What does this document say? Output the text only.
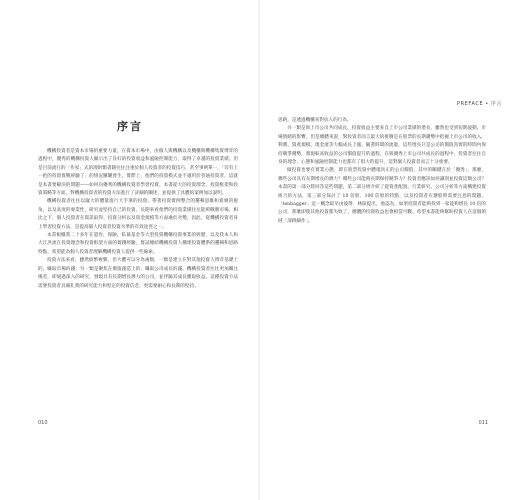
序言

機構投資者是資本市場的重要力量，在資本市場中，由個人與機構以及機構與機構集資博弈的過程中，優秀的機構投資人顯示出了良好的投資收益和風險控制能力，取得了卓越的投資業績。但是目前流行的「作家」式的理財類書籍往往注重於個人投資者的投資技巧，甚至事例單一，「沒有上一把的投資實戰經驗了」的情況屢屢發生。實際上，他們的投資模式並不適用於普通投資者，這就是本書要解決的問題——如何向優秀的機構投資者學習投資。本書從大的投資理念、投資框架和投資策略等方面，對機構投資者的投資方法進行了詳細的闡述，並提供了具體的案例加以說明。

機構投資者往往以龐大的體量進行大手筆的投資，帶著投資實例整合的邏輯思維和寬廣的視角，以及高度的專業性，研究並堅持自己的投資，長期來看他們的投資業績往往能夠戰勝市場。相比之下，個人投資者在資訊取得、投資分析以及資金規模等方面處於劣勢，因此，從機構投資者身上學習投資方法，是提高個人投資者投資水準的有效途徑之一。

本書根據我二十多年在證券、保險、私募基金等大型投資機構投資事業的經歷，以及我本人和大江洪流在投資理念和投資框架方面的實踐經驗，嘗試總結機構投資人構建投資體系的邏輯和思路特點，希望能為個人投資者理解機構投資人提供一些線索。

投資方法來看，雖然紛繁複雜，但大體可以分為兩類，一類是建立在對其他投資人博弈基礎上的，賺取市場的錢；另一類是聚焦在價值創造上的，賺取公司成長的錢。機構投資者往往更加關注後者，即通過深入的研究，發現具有長期增長潛力的公司，並伴隨其成長獲取收益。這種投資方法需要投資者具備扎實的研究能力和堅定的投資信念，更需要耐心和長期的堅持。

010
PREFACE • 序言

思路，是透過機構來對抗人的行為。

另一類是與上市公司共同成長，投資收益主要來自上市公司業績的增長，雖然也受到短期波動、市場情緒的影響，但是總體來說，對投資者而言最大的挑戰是在股票的長期趨勢中把握上市公司的收入、利潤、資產規模、現金流等大幅成長上漲，隨著時間的流逝，這些增長只是公司的價值真實的時間內保持競爭優勢，實現較高收益的公司價值提升的過程，在與優秀上市公司共成長的過程中，投資者往往自身的理念、心態和風險控制能力也都有了很大的提升，這對個人投資者而言十分重要。

做投資也要有實業心態，即在股票投資中體現真正的公司價值，其中的關鍵在於「優秀」，那麼，哪些公司具有長期增長的潛力？哪些公司能夠長期保持競爭力？投資者應該如何識別並投資這類公司？本書的第一部分將回答這些問題，第二部分則介紹了從資產配置、行業研究、公司分析等方面構建投資組合的方法，第三部分探討了 10 倍股、100 倍股的特點，以及投資者在選股時需要注意的問題。「tenbagger」這一概念最早由彼得．林區提出，他認為，如果投資者能夠找到一家能夠增長 10 倍的公司，那麼即使其他投資都失敗了，總體的投資收益也會相當可觀。希望本書能夠幫助投資人在這個領域「深耕細作」。

011
